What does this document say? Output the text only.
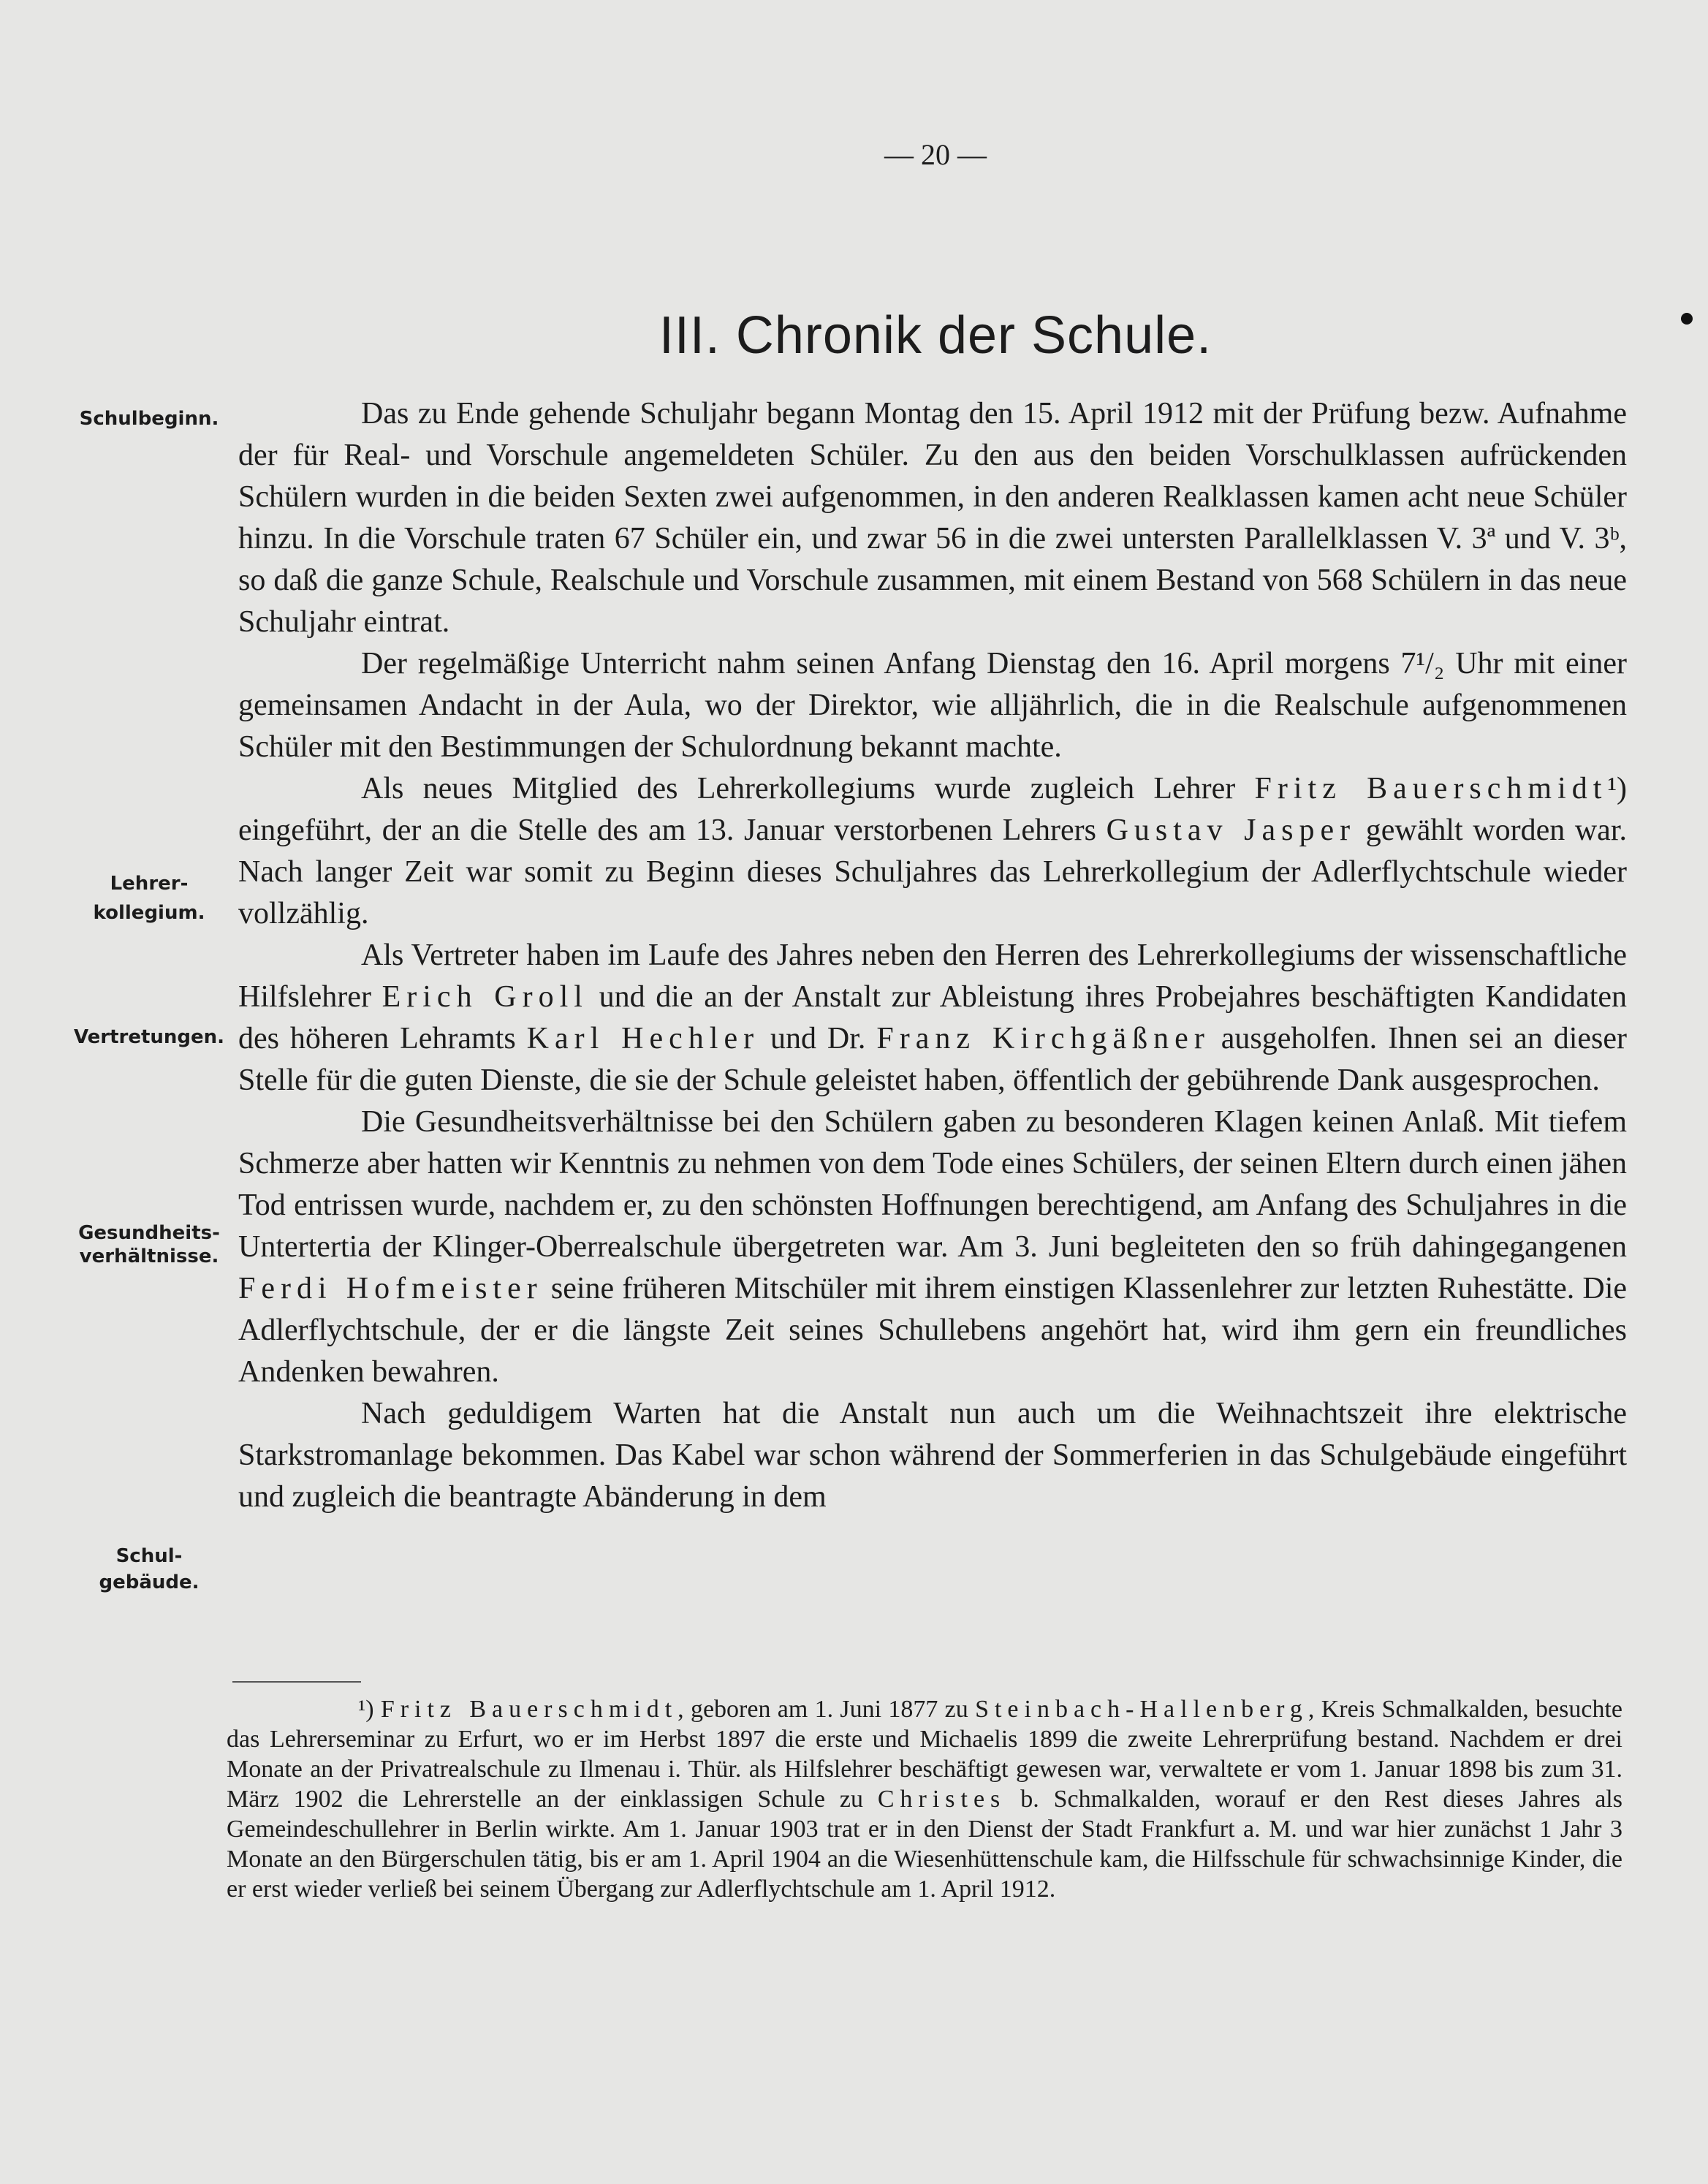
— 20 —
III. Chronik der Schule.
Schulbeginn.
Lehrer-
kollegium.
Vertretungen.
Gesundheits-
verhältnisse.
Schul-
gebäude.

Das zu Ende gehende Schuljahr begann Montag den 15. April 1912 mit der Prüfung bezw. Aufnahme der für Real- und Vorschule angemeldeten Schüler. Zu den aus den beiden Vorschulklassen aufrückenden Schülern wurden in die beiden Sexten zwei aufgenommen, in den anderen Realklassen kamen acht neue Schüler hinzu. In die Vorschule traten 67 Schüler ein, und zwar 56 in die zwei untersten Parallelklassen V. 3ª und V. 3ᵇ, so daß die ganze Schule, Realschule und Vorschule zusammen, mit einem Bestand von 568 Schülern in das neue Schuljahr eintrat.

Der regelmäßige Unterricht nahm seinen Anfang Dienstag den 16. April morgens 7¹/₂ Uhr mit einer gemeinsamen Andacht in der Aula, wo der Direktor, wie alljährlich, die in die Realschule aufgenommenen Schüler mit den Bestimmungen der Schulordnung bekannt machte.

Als neues Mitglied des Lehrerkollegiums wurde zugleich Lehrer Fritz Bauerschmidt¹) eingeführt, der an die Stelle des am 13. Januar verstorbenen Lehrers Gustav Jasper gewählt worden war. Nach langer Zeit war somit zu Beginn dieses Schuljahres das Lehrerkollegium der Adlerflychtschule wieder vollzählig.

Als Vertreter haben im Laufe des Jahres neben den Herren des Lehrerkollegiums der wissenschaftliche Hilfslehrer Erich Groll und die an der Anstalt zur Ableistung ihres Probejahres beschäftigten Kandidaten des höheren Lehramts Karl Hechler und Dr. Franz Kirchgäßner ausgeholfen. Ihnen sei an dieser Stelle für die guten Dienste, die sie der Schule geleistet haben, öffentlich der gebührende Dank ausgesprochen.

Die Gesundheitsverhältnisse bei den Schülern gaben zu besonderen Klagen keinen Anlaß. Mit tiefem Schmerze aber hatten wir Kenntnis zu nehmen von dem Tode eines Schülers, der seinen Eltern durch einen jähen Tod entrissen wurde, nachdem er, zu den schönsten Hoffnungen berechtigend, am Anfang des Schuljahres in die Untertertia der Klinger-Oberrealschule übergetreten war. Am 3. Juni begleiteten den so früh dahingegangenen Ferdi Hofmeister seine früheren Mitschüler mit ihrem einstigen Klassenlehrer zur letzten Ruhestätte. Die Adlerflychtschule, der er die längste Zeit seines Schullebens angehört hat, wird ihm gern ein freundliches Andenken bewahren.

Nach geduldigem Warten hat die Anstalt nun auch um die Weihnachtszeit ihre elektrische Starkstromanlage bekommen. Das Kabel war schon während der Sommerferien in das Schulgebäude eingeführt und zugleich die beantragte Abänderung in dem

¹) Fritz Bauerschmidt, geboren am 1. Juni 1877 zu Steinbach-Hallenberg, Kreis Schmalkalden, besuchte das Lehrerseminar zu Erfurt, wo er im Herbst 1897 die erste und Michaelis 1899 die zweite Lehrerprüfung bestand. Nachdem er drei Monate an der Privatrealschule zu Ilmenau i. Thür. als Hilfslehrer beschäftigt gewesen war, verwaltete er vom 1. Januar 1898 bis zum 31. März 1902 die Lehrerstelle an der einklassigen Schule zu Christes b. Schmalkalden, worauf er den Rest dieses Jahres als Gemeindeschullehrer in Berlin wirkte. Am 1. Januar 1903 trat er in den Dienst der Stadt Frankfurt a. M. und war hier zunächst 1 Jahr 3 Monate an den Bürgerschulen tätig, bis er am 1. April 1904 an die Wiesenhüttenschule kam, die Hilfsschule für schwachsinnige Kinder, die er erst wieder verließ bei seinem Übergang zur Adlerflychtschule am 1. April 1912.
